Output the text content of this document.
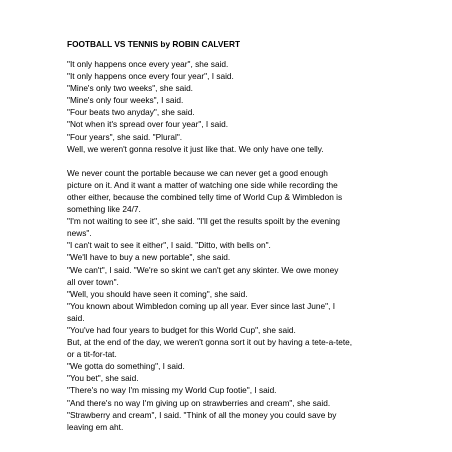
FOOTBALL VS TENNIS by ROBIN CALVERT
"It only happens once every year", she said.
"It only happens once every four year", I said.
"Mine's only two weeks", she said.
"Mine's only four weeks", I said.
"Four beats two anyday", she said.
"Not when it's spread over four year", I said.
"Four years", she said. "Plural".
Well, we weren't gonna resolve it just like that. We only have one telly.
We never count the portable because we can never get a good enough
picture on it. And it want a matter of watching one side while recording the
other either, because the combined telly time of World Cup & Wimbledon is
something like 24/7.
"I'm not waiting to see it", she said. "I'll get the results spoilt by the evening
news".
"I can't wait to see it either", I said. "Ditto, with bells on".
"We'll have to buy a new portable", she said.
"We can't", I said. "We're so skint we can't get any skinter. We owe money
all over town".
"Well, you should have seen it coming", she said.
"You known about Wimbledon coming up all year. Ever since last June", I
said.
"You've had four years to budget for this World Cup", she said.
But, at the end of the day, we weren't gonna sort it out by having a tete-a-tete,
or a tit-for-tat.
"We gotta do something", I said.
"You bet", she said.
"There's no way I'm missing my World Cup footie", I said.
"And there's no way I'm giving up on strawberries and cream", she said.
"Strawberry and cream", I said. "Think of all the money you could save by
leaving em aht.
